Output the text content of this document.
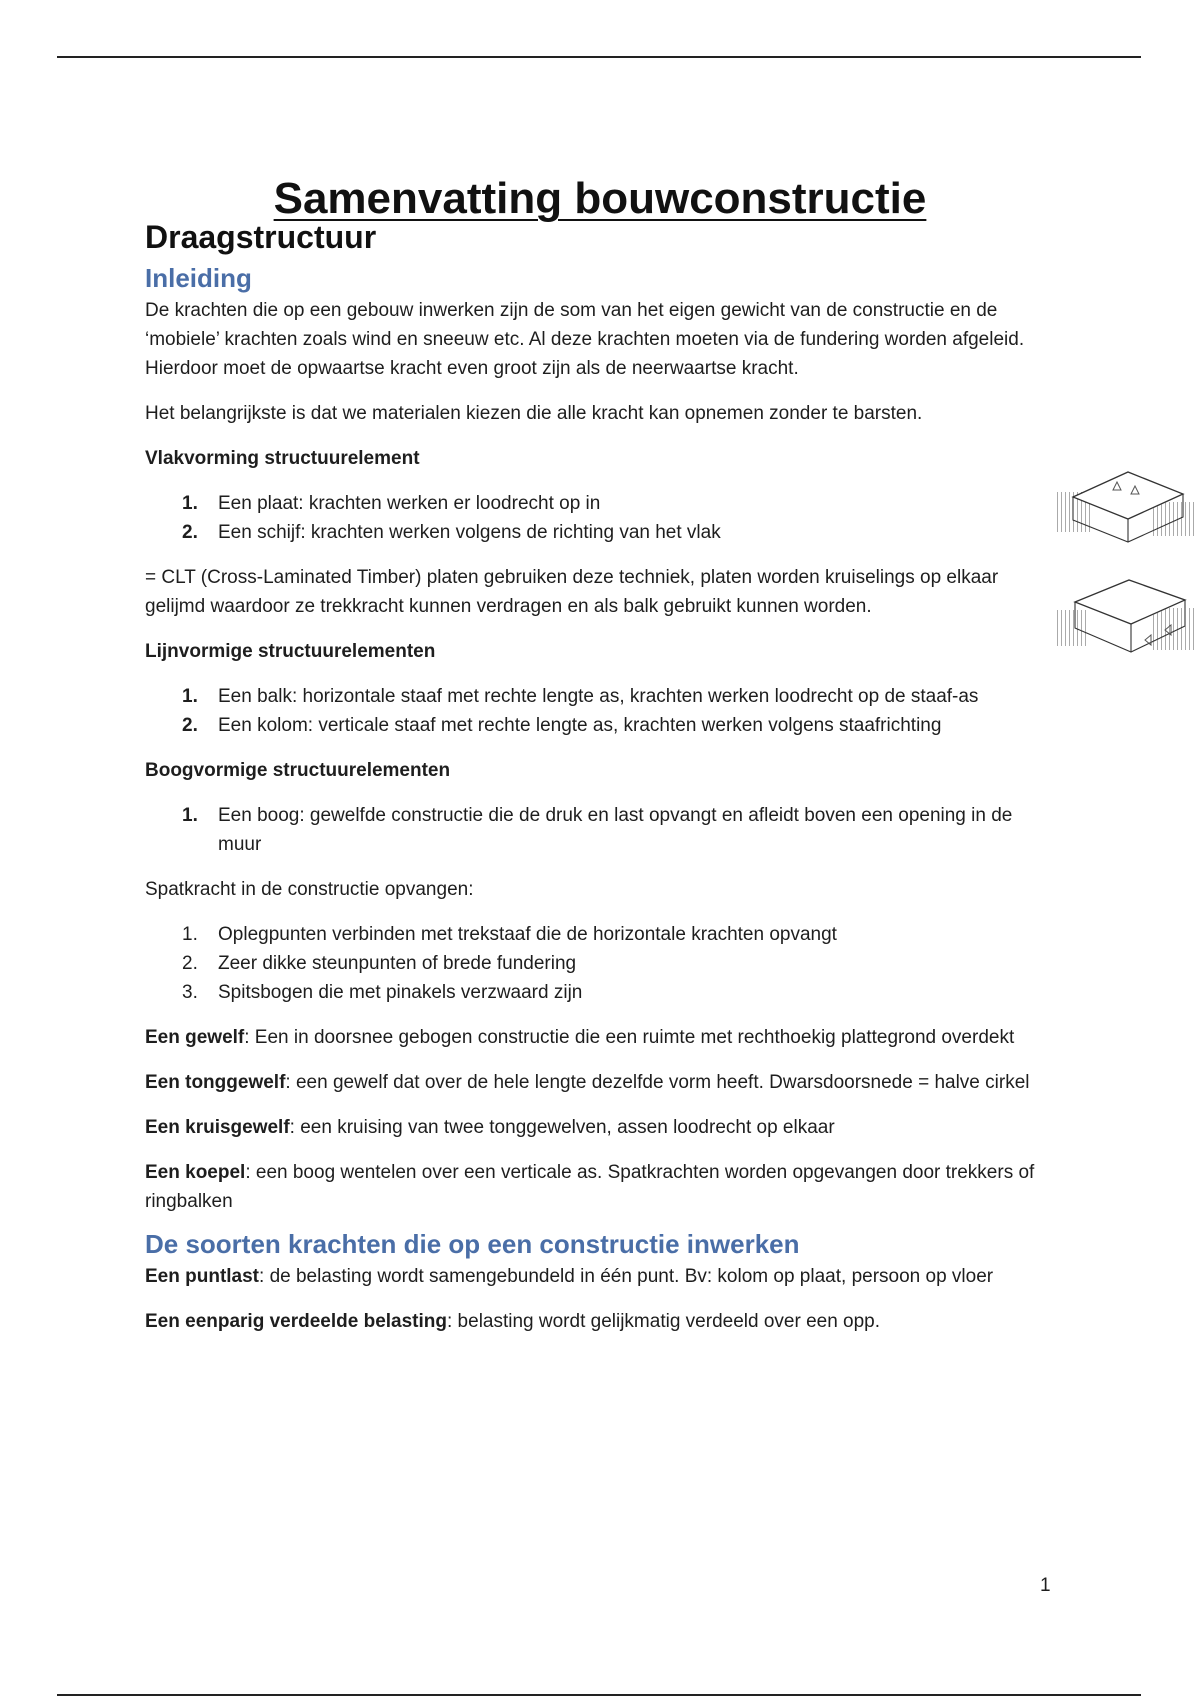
Samenvatting bouwconstructie
Draagstructuur
Inleiding

De krachten die op een gebouw inwerken zijn de som van het eigen gewicht van de constructie en de ‘mobiele’ krachten zoals wind en sneeuw etc. Al deze krachten moeten via de fundering worden afgeleid. Hierdoor moet de opwaartse kracht even groot zijn als de neerwaartse kracht.

Het belangrijkste is dat we materialen kiezen die alle kracht kan opnemen zonder te barsten.

Vlakvorming structuurelement

1. Een plaat: krachten werken er loodrecht op in
2. Een schijf: krachten werken volgens de richting van het vlak

= CLT (Cross-Laminated Timber) platen gebruiken deze techniek, platen worden kruiselings op elkaar gelijmd waardoor ze trekkracht kunnen verdragen en als balk gebruikt kunnen worden.

Lijnvormige structuurelementen

1. Een balk: horizontale staaf met rechte lengte as, krachten werken loodrecht op de staaf-as
2. Een kolom: verticale staaf met rechte lengte as, krachten werken volgens staafrichting

Boogvormige structuurelementen

1. Een boog: gewelfde constructie die de druk en last opvangt en afleidt boven een opening in de muur

Spatkracht in de constructie opvangen:

1. Oplegpunten verbinden met trekstaaf die de horizontale krachten opvangt
2. Zeer dikke steunpunten of brede fundering
3. Spitsbogen die met pinakels verzwaard zijn

Een gewelf: Een in doorsnee gebogen constructie die een ruimte met rechthoekig plattegrond overdekt

Een tonggewelf: een gewelf dat over de hele lengte dezelfde vorm heeft. Dwarsdoorsnede = halve cirkel

Een kruisgewelf: een kruising van twee tonggewelven, assen loodrecht op elkaar

Een koepel: een boog wentelen over een verticale as. Spatkrachten worden opgevangen door trekkers of ringbalken

De soorten krachten die op een constructie inwerken

Een puntlast: de belasting wordt samengebundeld in één punt. Bv: kolom op plaat, persoon op vloer

Een eenparig verdeelde belasting: belasting wordt gelijkmatig verdeeld over een opp.

1
